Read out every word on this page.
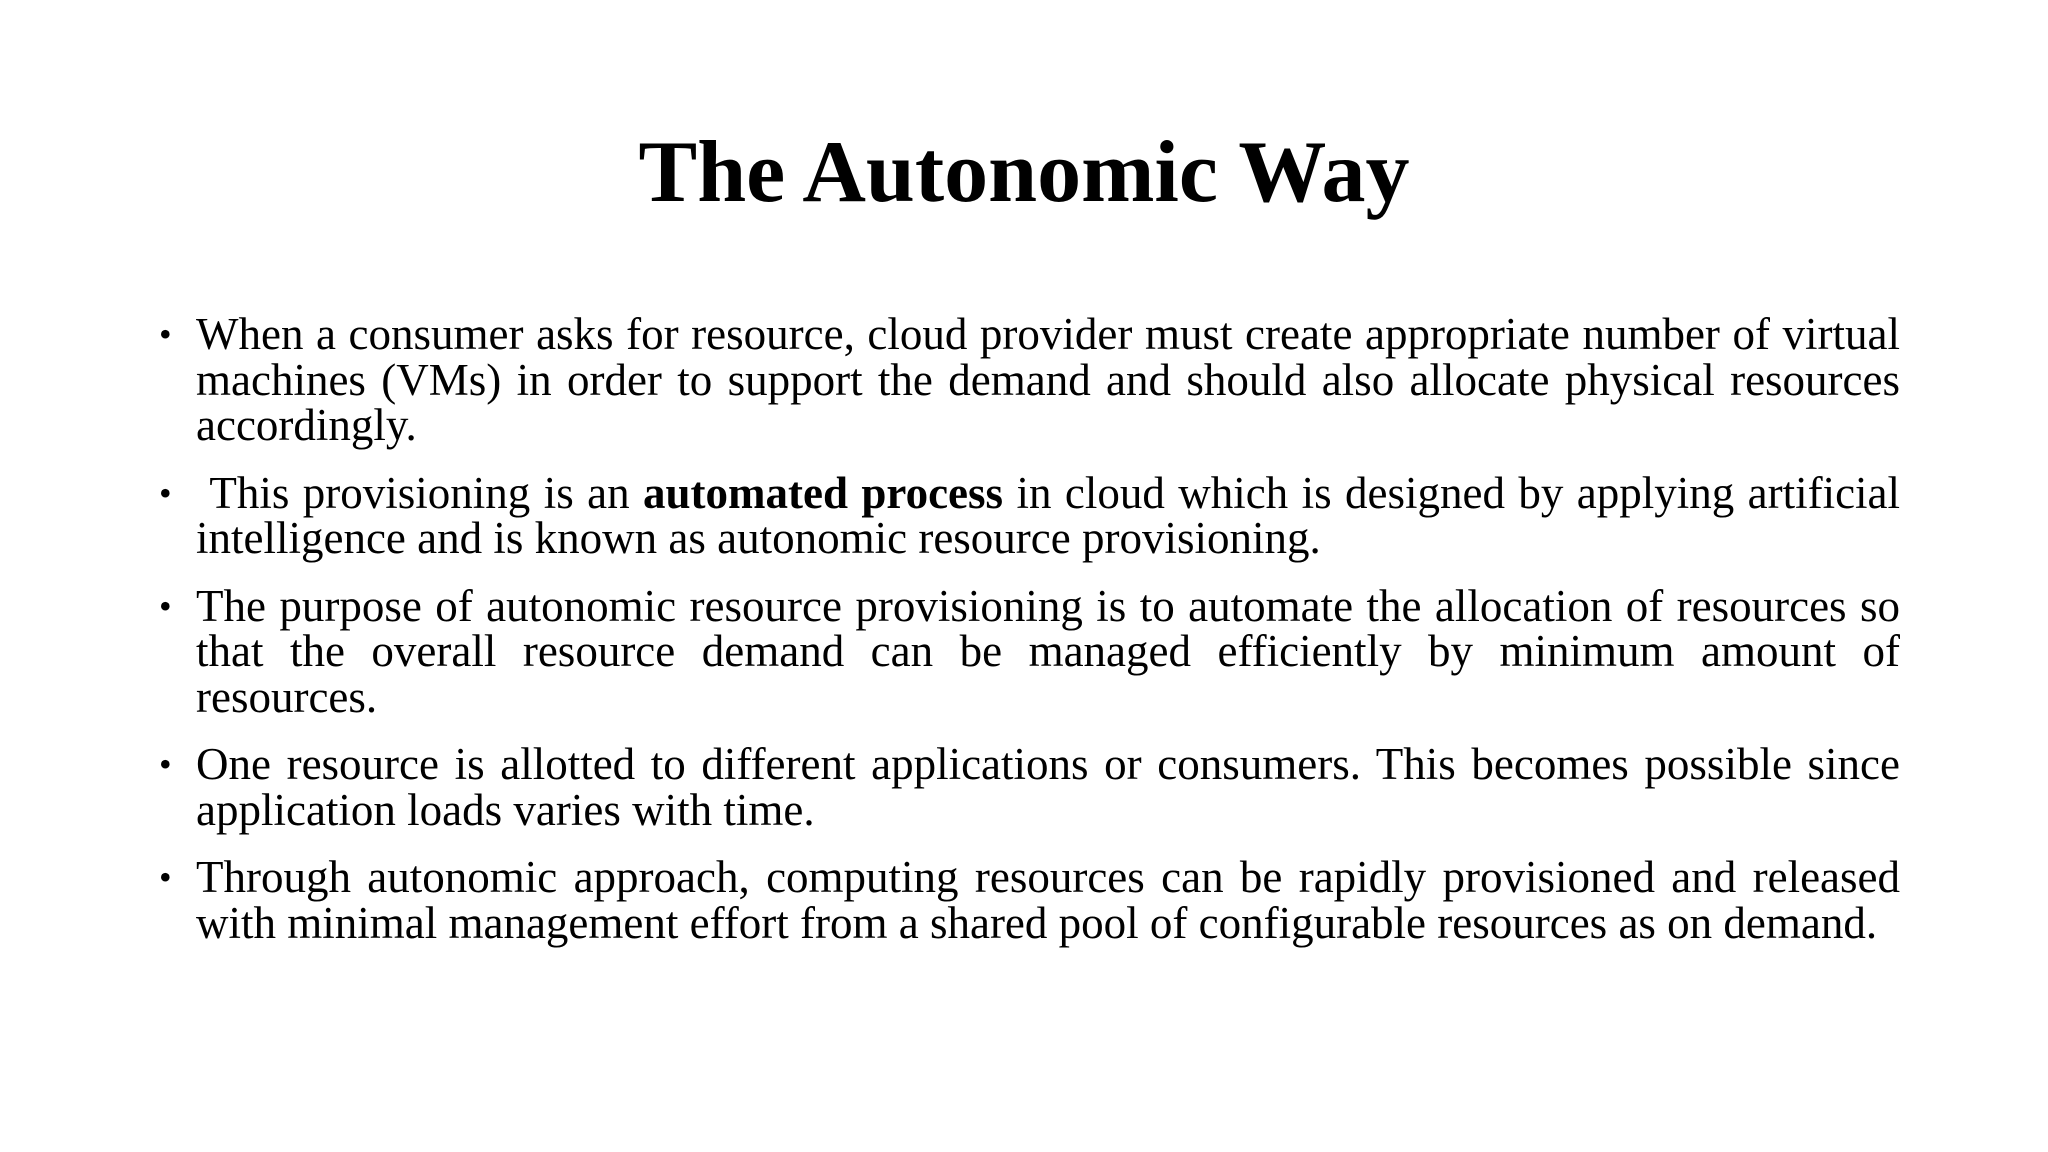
The Autonomic Way
• When a consumer asks for resource, cloud provider must create appropriate number of virtual machines (VMs) in order to support the demand and should also allocate physical resources accordingly.
• This provisioning is an automated process in cloud which is designed by applying artificial intelligence and is known as autonomic resource provisioning.
• The purpose of autonomic resource provisioning is to automate the allocation of resources so that the overall resource demand can be managed efficiently by minimum amount of resources.
• One resource is allotted to different applications or consumers. This becomes possible since application loads varies with time.
• Through autonomic approach, computing resources can be rapidly provisioned and released with minimal management effort from a shared pool of configurable resources as on demand.
